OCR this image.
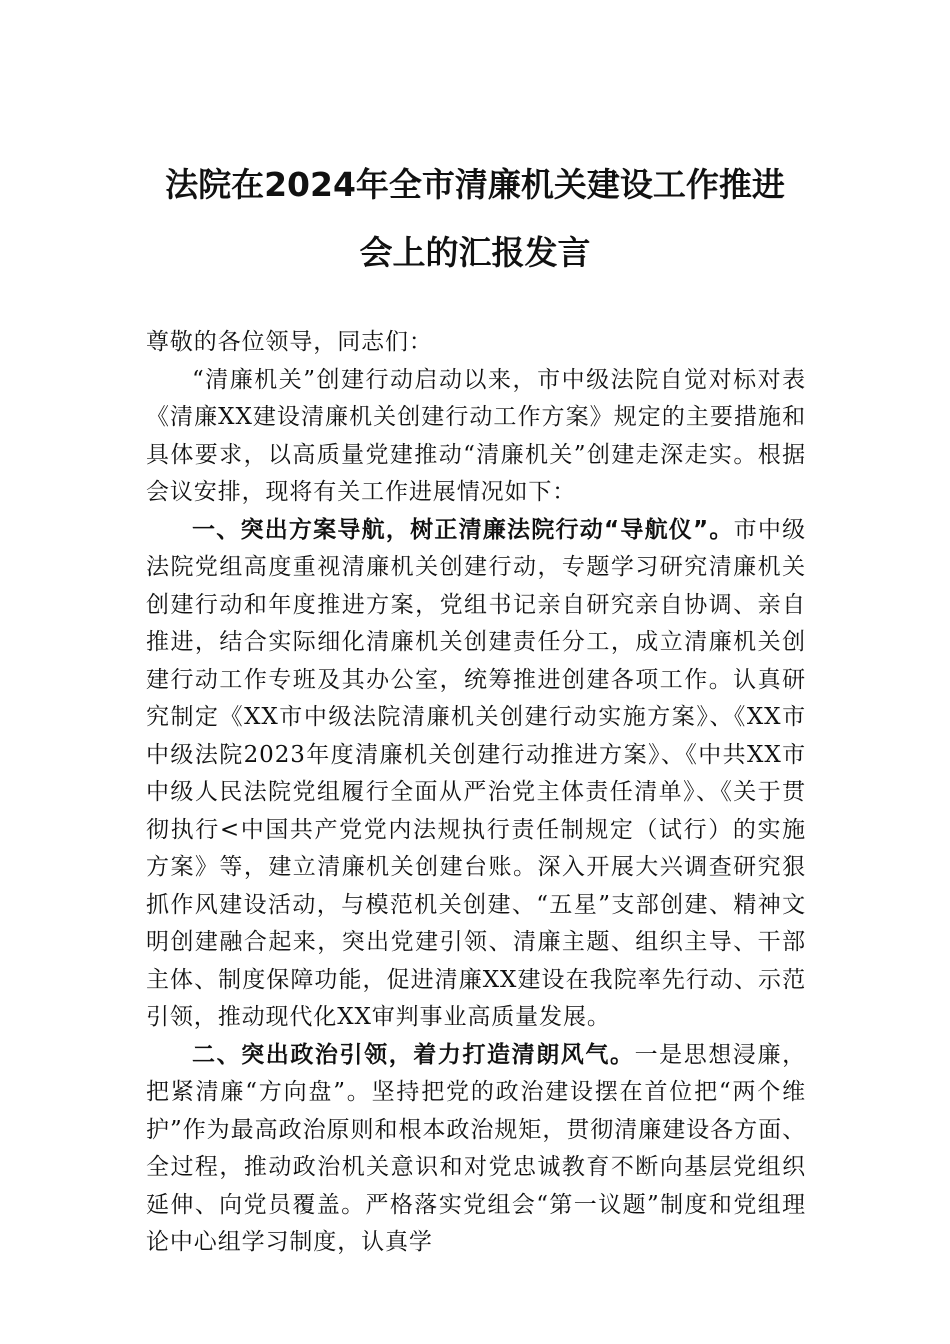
法院在2024年全市清廉机关建设工作推进
会上的汇报发言

尊敬的各位领导，同志们：

“清廉机关”创建行动启动以来，市中级法院自觉对标对表《清廉XX建设清廉机关创建行动工作方案》规定的主要措施和具体要求，以高质量党建推动“清廉机关”创建走深走实。根据会议安排，现将有关工作进展情况如下：

一、突出方案导航，树正清廉法院行动“导航仪”。市中级法院党组高度重视清廉机关创建行动，专题学习研究清廉机关创建行动和年度推进方案，党组书记亲自研究亲自协调、亲自推进，结合实际细化清廉机关创建责任分工，成立清廉机关创建行动工作专班及其办公室，统筹推进创建各项工作。认真研究制定《XX市中级法院清廉机关创建行动实施方案》、《XX市中级法院2023年度清廉机关创建行动推进方案》、《中共XX市中级人民法院党组履行全面从严治党主体责任清单》、《关于贯彻执行<中国共产党党内法规执行责任制规定（试行）的实施方案》等，建立清廉机关创建台账。深入开展大兴调查研究狠抓作风建设活动，与模范机关创建、“五星”支部创建、精神文明创建融合起来，突出党建引领、清廉主题、组织主导、干部主体、制度保障功能，促进清廉XX建设在我院率先行动、示范引领，推动现代化XX审判事业高质量发展。

二、突出政治引领，着力打造清朗风气。一是思想浸廉，把紧清廉“方向盘”。坚持把党的政治建设摆在首位把“两个维护”作为最高政治原则和根本政治规矩，贯彻清廉建设各方面、全过程，推动政治机关意识和对党忠诚教育不断向基层党组织延伸、向党员覆盖。严格落实党组会“第一议题”制度和党组理论中心组学习制度，认真学
